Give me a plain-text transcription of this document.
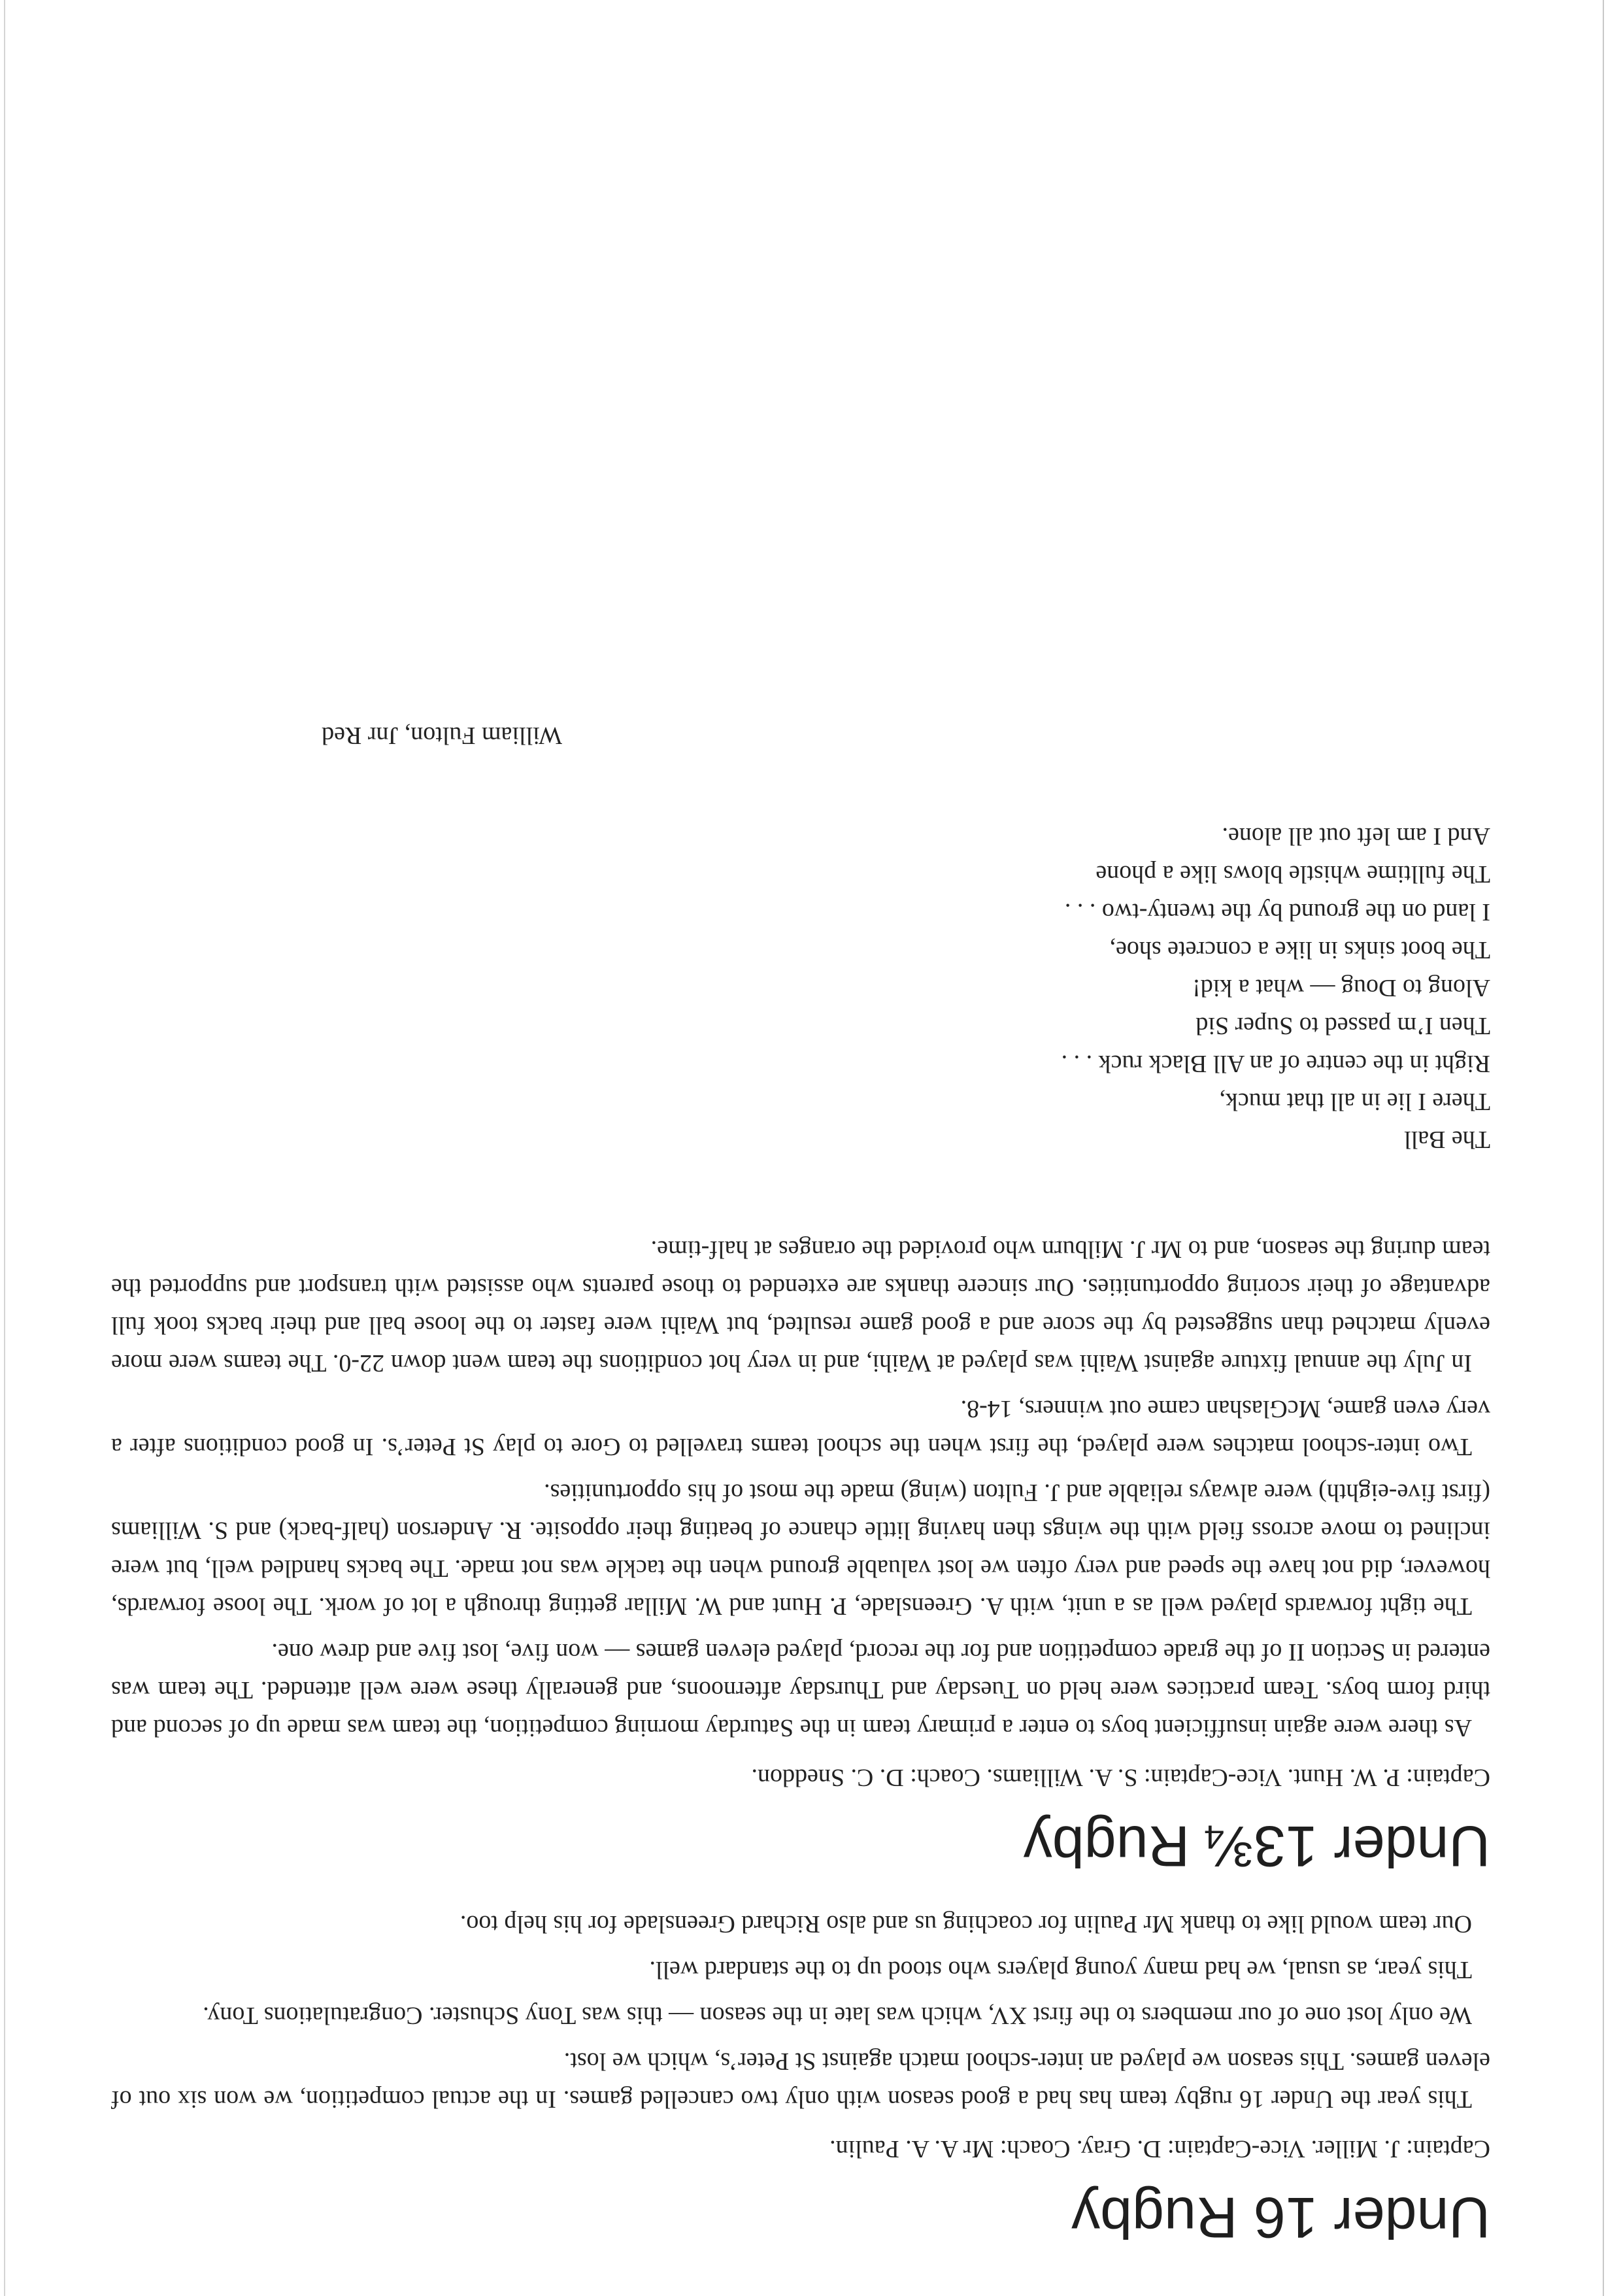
Under 16 Rugby
Captain: J. Miller. Vice-Captain: D. Gray. Coach: Mr A. A. Paulin.

This year the Under 16 rugby team has had a good season with only two cancelled games. In the actual competition, we won six out of eleven games. This season we played an inter-school match against St Peter’s, which we lost.

We only lost one of our members to the first XV, which was late in the season — this was Tony Schuster. Congratulations Tony.

This year, as usual, we had many young players who stood up to the standard well.

Our team would like to thank Mr Paulin for coaching us and also Richard Greenslade for his help too.

Under 13¾ Rugby
Captain: P. W. Hunt. Vice-Captain: S. A. Williams. Coach: D. C. Sneddon.

As there were again insufficient boys to enter a primary team in the Saturday morning competition, the team was made up of second and third form boys. Team practices were held on Tuesday and Thursday afternoons, and generally these were well attended. The team was entered in Section II of the grade competition and for the record, played eleven games — won five, lost five and drew one.

The tight forwards played well as a unit, with A. Greenslade, P. Hunt and W. Millar getting through a lot of work. The loose forwards, however, did not have the speed and very often we lost valuable ground when the tackle was not made. The backs handled well, but were inclined to move across field with the wings then having little chance of beating their opposite. R. Anderson (half-back) and S. Williams (first five-eighth) were always reliable and J. Fulton (wing) made the most of his opportunities.

Two inter-school matches were played, the first when the school teams travelled to Gore to play St Peter’s. In good conditions after a very even game, McGlashan came out winners, 14-8.

In July the annual fixture against Waihi was played at Waihi, and in very hot conditions the team went down 22-0. The teams were more evenly matched than suggested by the score and a good game resulted, but Waihi were faster to the loose ball and their backs took full advantage of their scoring opportunities. Our sincere thanks are extended to those parents who assisted with transport and supported the team during the season, and to Mr J. Milburn who provided the oranges at half-time.

The Ball
There I lie in all that muck,
Right in the centre of an All Black ruck . . .
Then I’m passed to Super Sid
Along to Doug — what a kid!
The boot sinks in like a concrete shoe,
I land on the ground by the twenty-two . . .
The fulltime whistle blows like a phone
And I am left out all alone.
William Fulton, Jnr Red
